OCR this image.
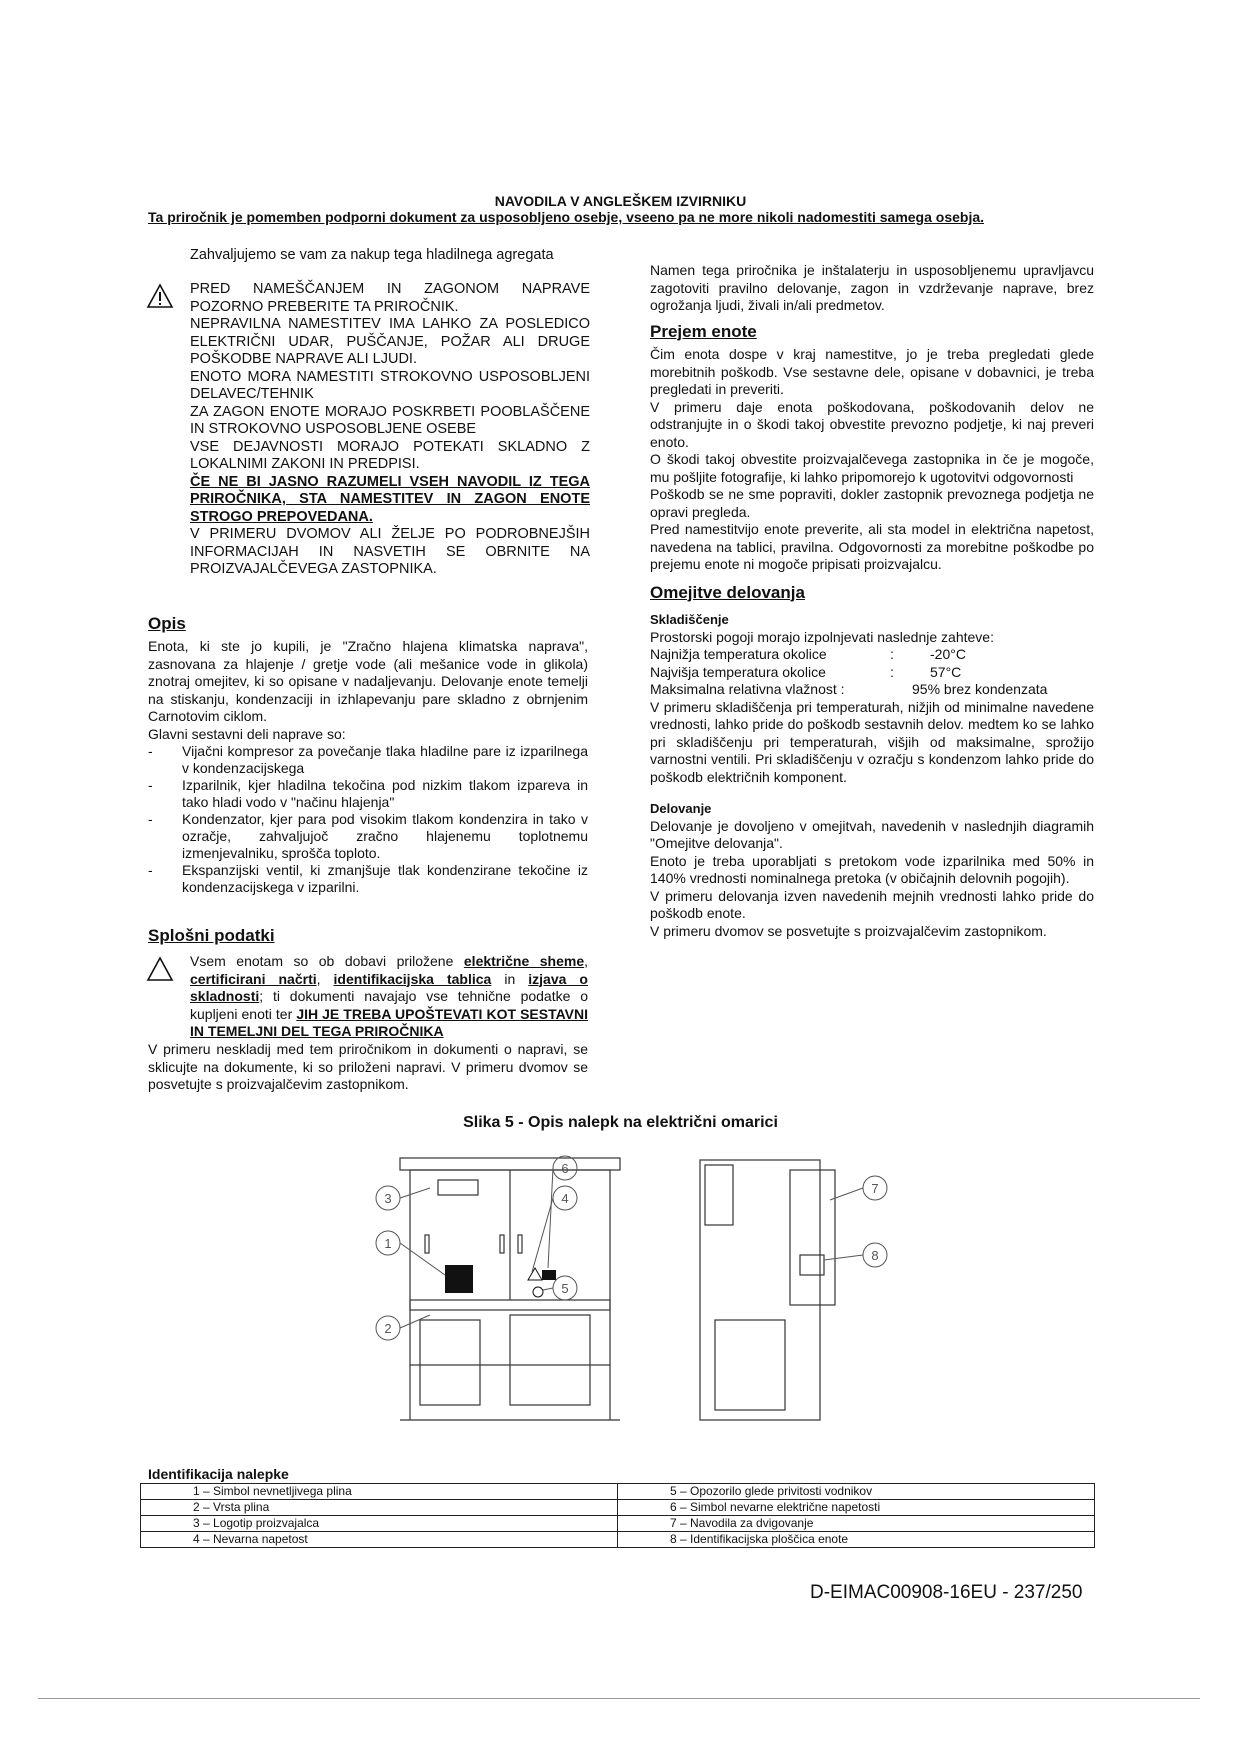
NAVODILA V ANGLEŠKEM IZVIRNIKU
Ta priročnik je pomemben podporni dokument za usposobljeno osebje, vseeno pa ne more nikoli nadomestiti samega osebja.
Zahvaljujemo se vam za nakup tega hladilnega agregata

PRED NAMEŠČANJEM IN ZAGONOM NAPRAVE POZORNO PREBERITE TA PRIROČNIK.

NEPRAVILNA NAMESTITEV IMA LAHKO ZA POSLEDICO ELEKTRIČNI UDAR, PUŠČANJE, POŽAR ALI DRUGE POŠKODBE NAPRAVE ALI LJUDI.

ENOTO MORA NAMESTITI STROKOVNO USPOSOBLJENI DELAVEC/TEHNIK

ZA ZAGON ENOTE MORAJO POSKRBETI POOBLAŠČENE IN STROKOVNO USPOSOBLJENE OSEBE

VSE DEJAVNOSTI MORAJO POTEKATI SKLADNO Z LOKALNIMI ZAKONI IN PREDPISI.

ČE NE BI JASNO RAZUMELI VSEH NAVODIL IZ TEGA PRIROČNIKA, STA NAMESTITEV IN ZAGON ENOTE STROGO PREPOVEDANA.

V PRIMERU DVOMOV ALI ŽELJE PO PODROBNEJŠIH INFORMACIJAH IN NASVETIH SE OBRNITE NA PROIZVAJALČEVEGA ZASTOPNIKA.

Opis

Enota, ki ste jo kupili, je "Zračno hlajena klimatska naprava", zasnovana za hlajenje / gretje vode (ali mešanice vode in glikola) znotraj omejitev, ki so opisane v nadaljevanju. Delovanje enote temelji na stiskanju, kondenzaciji in izhlapevanju pare skladno z obrnjenim Carnotovim ciklom.

Glavni sestavni deli naprave so:

-	Vijačni kompresor za povečanje tlaka hladilne pare iz izparilnega v kondenzacijskega
-	Izparilnik, kjer hladilna tekočina pod nizkim tlakom izpareva in tako hladi vodo v "načinu hlajenja"
-	Kondenzator, kjer para pod visokim tlakom kondenzira in tako v ozračje, zahvaljujoč zračno hlajenemu toplotnemu izmenjevalniku, sprošča toploto.
-	Ekspanzijski ventil, ki zmanjšuje tlak kondenzirane tekočine iz kondenzacijskega v izparilni.

Splošni podatki

Vsem enotam so ob dobavi priložene električne sheme, certificirani načrti, identifikacijska tablica in izjava o skladnosti; ti dokumenti navajajo vse tehnične podatke o kupljeni enoti ter JIH JE TREBA UPOŠTEVATI KOT SESTAVNI IN TEMELJNI DEL TEGA PRIROČNIKA

V primeru neskladij med tem priročnikom in dokumenti o napravi, se sklicujte na dokumente, ki so priloženi napravi. V primeru dvomov se posvetujte s proizvajalčevim zastopnikom.

Namen tega priročnika je inštalaterju in usposobljenemu upravljavcu zagotoviti pravilno delovanje, zagon in vzdrževanje naprave, brez ogrožanja ljudi, živali in/ali predmetov.

Prejem enote

Čim enota dospe v kraj namestitve, jo je treba pregledati glede morebitnih poškodb. Vse sestavne dele, opisane v dobavnici, je treba pregledati in preveriti.

V primeru daje enota poškodovana, poškodovanih delov ne odstranjujte in o škodi takoj obvestite prevozno podjetje, ki naj preveri enoto.

O škodi takoj obvestite proizvajalčevega zastopnika in če je mogoče, mu pošljite fotografije, ki lahko pripomorejo k ugotovitvi odgovornosti

Poškodb se ne sme popraviti, dokler zastopnik prevoznega podjetja ne opravi pregleda.

Pred namestitvijo enote preverite, ali sta model in električna napetost, navedena na tablici, pravilna. Odgovornosti za morebitne poškodbe po prejemu enote ni mogoče pripisati proizvajalcu.

Omejitve delovanja

Skladiščenje

Prostorski pogoji morajo izpolnjevati naslednje zahteve:

Najnižja temperatura okolice	:	-20°C
Najvišja temperatura okolice	:	57°C
Maksimalna relativna vlažnost :	95% brez kondenzata

V primeru skladiščenja pri temperaturah, nižjih od minimalne navedene vrednosti, lahko pride do poškodb sestavnih delov. medtem ko se lahko pri skladiščenju pri temperaturah, višjih od maksimalne, sprožijo varnostni ventili. Pri skladiščenju v ozračju s kondenzom lahko pride do poškodb električnih komponent.

Delovanje

Delovanje je dovoljeno v omejitvah, navedenih v naslednjih diagramih "Omejitve delovanja".

Enoto je treba uporabljati s pretokom vode izparilnika med 50% in 140% vrednosti nominalnega pretoka (v običajnih delovnih pogojih).

V primeru delovanja izven navedenih mejnih vrednosti lahko pride do poškodb enote.

V primeru dvomov se posvetujte s proizvajalčevim zastopnikom.

Slika 5 - Opis nalepk na električni omarici
1
2
3	4
5
6
7
8
Identifikacija nalepke
1 – Simbol nevnetljivega plina	5 – Opozorilo glede privitosti vodnikov
2 – Vrsta plina	6 – Simbol nevarne električne napetosti
3 – Logotip proizvajalca	7 – Navodila za dvigovanje
4 – Nevarna napetost	8 – Identifikacijska ploščica enote
D-EIMAC00908-16EU - 237/250
